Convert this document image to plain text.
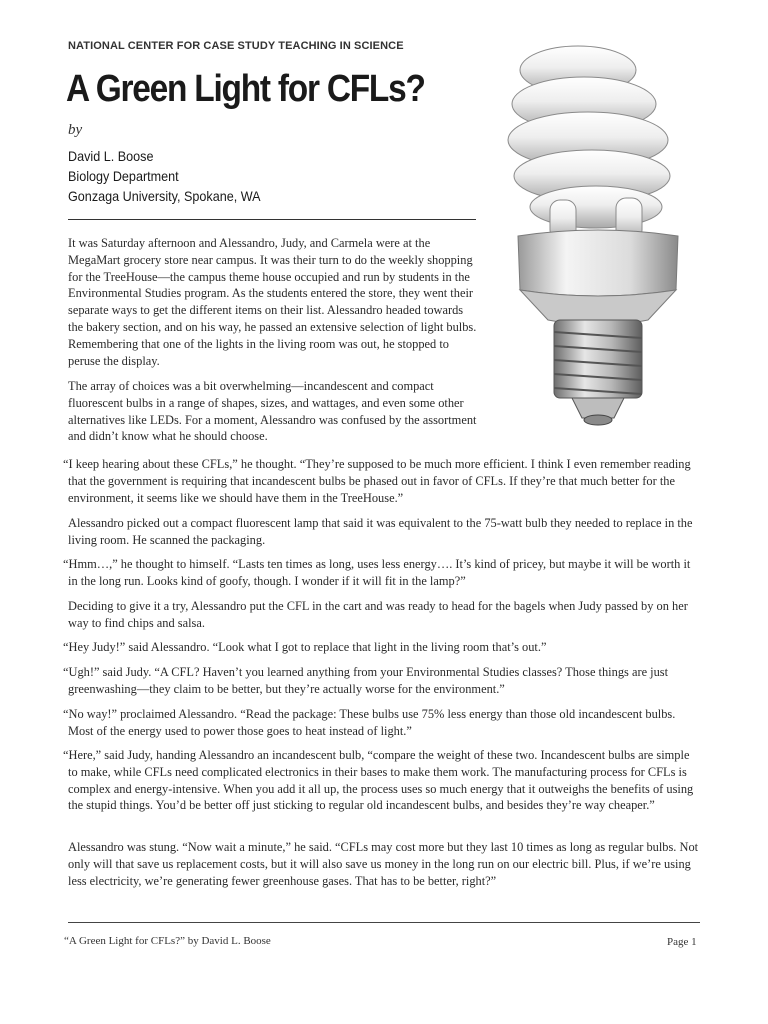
NATIONAL CENTER FOR CASE STUDY TEACHING IN SCIENCE
A Green Light for CFLs?
by
David L. Boose
Biology Department
Gonzaga University, Spokane, WA

It was Saturday afternoon and Alessandro, Judy, and Carmela were at the MegaMart grocery store near campus. It was their turn to do the weekly shopping for the TreeHouse—the campus theme house occupied and run by students in the Environmental Studies program. As the students entered the store, they went their separate ways to get the different items on their list. Alessandro headed towards the bakery section, and on his way, he passed an extensive selection of light bulbs. Remembering that one of the lights in the living room was out, he stopped to peruse the display.

The array of choices was a bit overwhelming—incandescent and compact fluorescent bulbs in a range of shapes, sizes, and wattages, and even some other alternatives like LEDs. For a moment, Alessandro was confused by the assortment and didn’t know what he should choose.

“I keep hearing about these CFLs,” he thought. “They’re supposed to be much more efficient. I think I even remember reading that the government is requiring that incandescent bulbs be phased out in favor of CFLs. If they’re that much better for the environment, it seems like we should have them in the TreeHouse.”

Alessandro picked out a compact fluorescent lamp that said it was equivalent to the 75-watt bulb they needed to replace in the living room. He scanned the packaging.

“Hmm…,” he thought to himself. “Lasts ten times as long, uses less energy…. It’s kind of pricey, but maybe it will be worth it in the long run. Looks kind of goofy, though. I wonder if it will fit in the lamp?”

Deciding to give it a try, Alessandro put the CFL in the cart and was ready to head for the bagels when Judy passed by on her way to find chips and salsa.

“Hey Judy!” said Alessandro. “Look what I got to replace that light in the living room that’s out.”

“Ugh!” said Judy. “A CFL? Haven’t you learned anything from your Environmental Studies classes? Those things are just greenwashing—they claim to be better, but they’re actually worse for the environment.”

“No way!” proclaimed Alessandro. “Read the package: These bulbs use 75% less energy than those old incandescent bulbs. Most of the energy used to power those goes to heat instead of light.”

“Here,” said Judy, handing Alessandro an incandescent bulb, “compare the weight of these two. Incandescent bulbs are simple to make, while CFLs need complicated electronics in their bases to make them work. The manufacturing process for CFLs is complex and energy-intensive. When you add it all up, the process uses so much energy that it outweighs the benefits of using the stupid things. You’d be better off just sticking to regular old incandescent bulbs, and besides they’re way cheaper.”

Alessandro was stung. “Now wait a minute,” he said. “CFLs may cost more but they last 10 times as long as regular bulbs. Not only will that save us replacement costs, but it will also save us money in the long run on our electric bill. Plus, if we’re using less electricity, we’re generating fewer greenhouse gases. That has to be better, right?”

“A Green Light for CFLs?” by David L. Boose	Page 1
